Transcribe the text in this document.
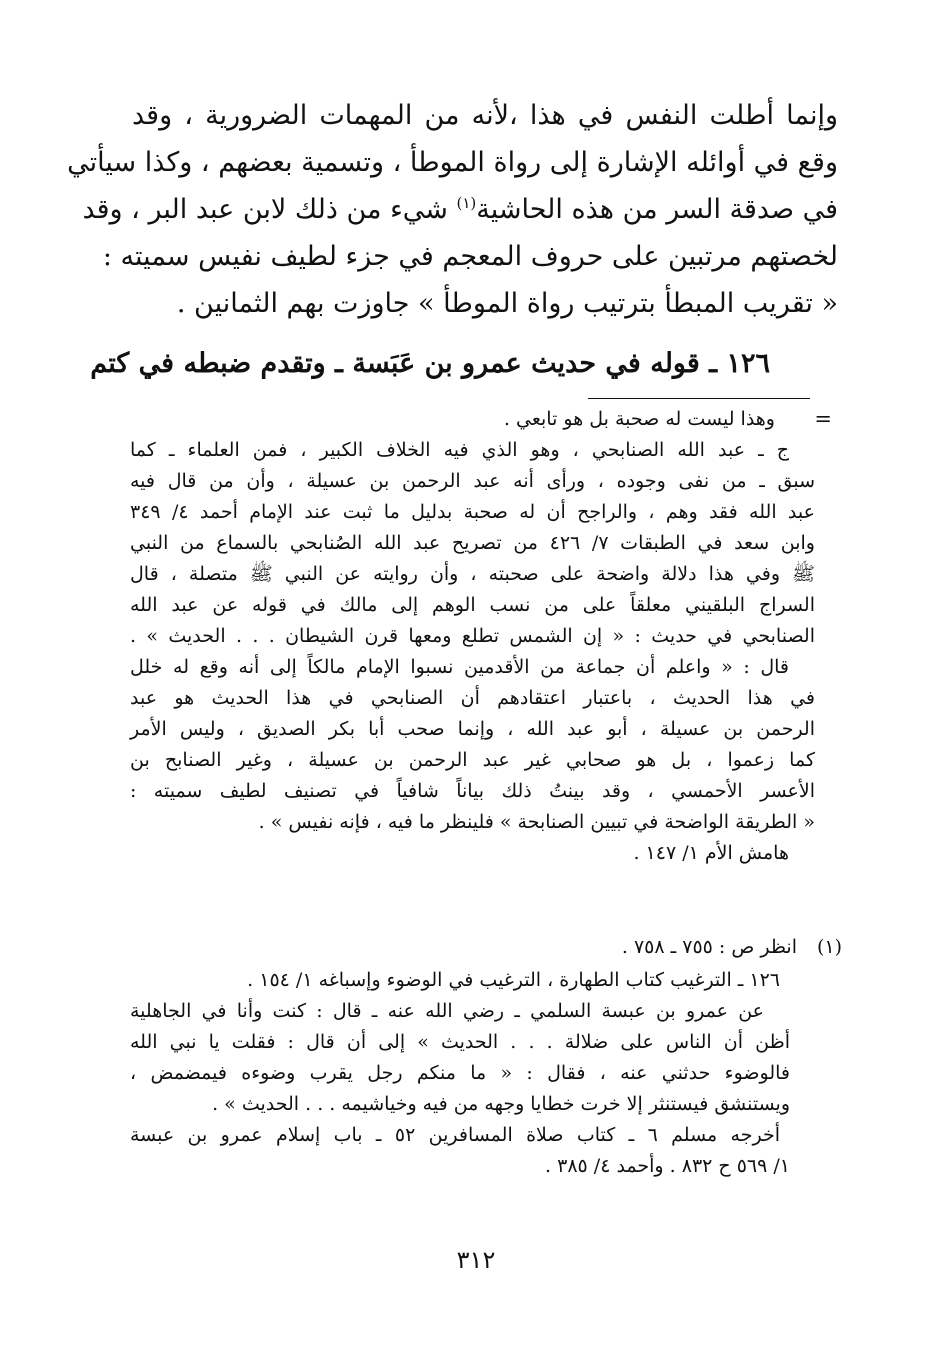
وإنما أطلت النفس في هذا ،لأنه من المهمات الضرورية ، وقد
وقع في أوائله الإشارة إلى رواة الموطأ ، وتسمية بعضهم ، وكذا سيأتي
في صدقة السر من هذه الحاشية$^{(١)}$ شيء من ذلك لابن عبد البر ، وقد
لخصتهم مرتبين على حروف المعجم في جزء لطيف نفيس سميته :
« تقريب المبطأ بترتيب رواة الموطأ » جاوزت بهم الثمانين .
١٢٦ ـ قوله في حديث عمرو بن عَبَسة ـ وتقدم ضبطه في كتم
=
وهذا ليست له صحبة بل هو تابعي .
ج ـ عبد الله الصنابحي ، وهو الذي فيه الخلاف الكبير ، فمن العلماء ـ كما
سبق ـ من نفى وجوده ، ورأى أنه عبد الرحمن بن عسيلة ، وأن من قال فيه
عبد الله فقد وهم ، والراجح أن له صحبة بدليل ما ثبت عند الإمام أحمد ٤/ ٣٤٩
وابن سعد في الطبقات ٧/ ٤٢٦ من تصريح عبد الله الصُنابحي بالسماع من النبي
ﷺ وفي هذا دلالة واضحة على صحبته ، وأن روايته عن النبي ﷺ متصلة ، قال
السراج البلقيني معلقاً على من نسب الوهم إلى مالك في قوله عن عبد الله
الصنابحي في حديث : « إن الشمس تطلع ومعها قرن الشيطان . . . الحديث » .
قال : « واعلم أن جماعة من الأقدمين نسبوا الإمام مالكاً إلى أنه وقع له خلل
في هذا الحديث ، باعتبار اعتقادهم أن الصنابحي في هذا الحديث هو عبد
الرحمن بن عسيلة ، أبو عبد الله ، وإنما صحب أبا بكر الصديق ، وليس الأمر
كما زعموا ، بل هو صحابي غير عبد الرحمن بن عسيلة ، وغير الصنابح بن
الأعسر الأحمسي ، وقد بينتُ ذلك بياناً شافياً في تصنيف لطيف سميته :
« الطريقة الواضحة في تبيين الصنابحة » فلينظر ما فيه ، فإنه نفيس » .
هامش الأم ١/ ١٤٧ .
(١)
انظر ص : ٧٥٥ ـ ٧٥٨ .
١٢٦ ـ الترغيب كتاب الطهارة ، الترغيب في الوضوء وإسباغه ١/ ١٥٤ .
عن عمرو بن عبسة السلمي ـ رضي الله عنه ـ قال : كنت وأنا في الجاهلية
أظن أن الناس على ضلالة . . . الحديث » إلى أن قال : فقلت يا نبي الله
فالوضوء حدثني عنه ، فقال : « ما منكم رجل يقرب وضوءه فيمضمض ،
ويستنشق فيستنثر إلا خرت خطايا وجهه من فيه وخياشيمه . . . الحديث » .
أخرجه مسلم ٦ ـ كتاب صلاة المسافرين ٥٢ ـ باب إسلام عمرو بن عبسة
١/ ٥٦٩ ح ٨٣٢ . وأحمد ٤/ ٣٨٥ .
٣١٢
